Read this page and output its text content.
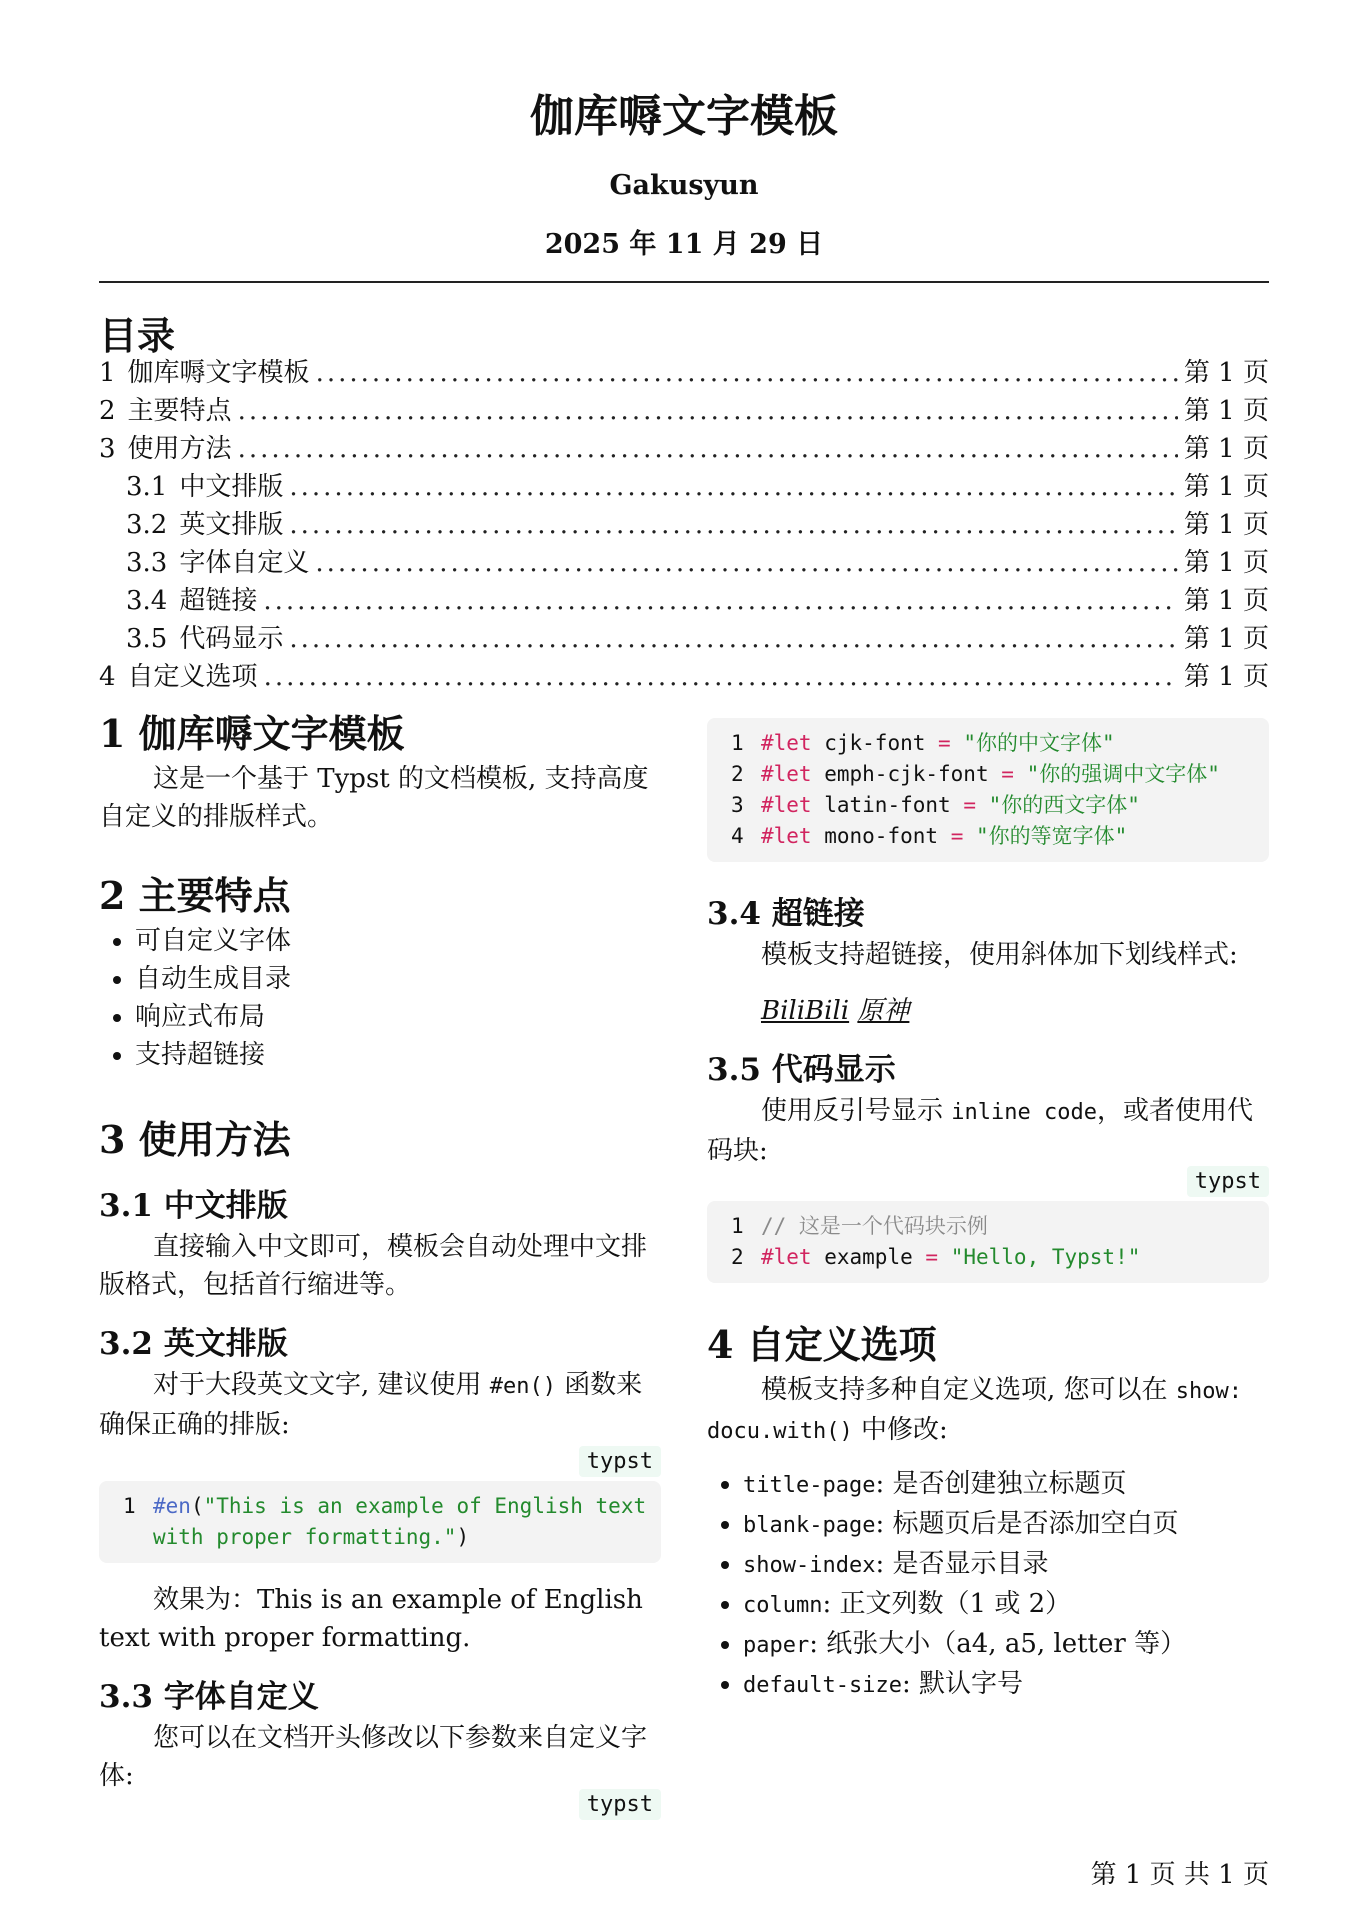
伽库嗕文字模板
Gakusyun
2025 年 11 月 29 日
目录
1 伽库嗕文字模板 .....	第 1 页
2 主要特点 .....	第 1 页
3 使用方法 .....	第 1 页
3.1 中文排版 .....	第 1 页
3.2 英文排版 .....	第 1 页
3.3 字体自定义 .....	第 1 页
3.4 超链接 .....	第 1 页
3.5 代码显示 .....	第 1 页
4 自定义选项 .....	第 1 页
1 伽库嗕文字模板

这是一个基于 Typst 的文档模板, 支持高度自定义的排版样式。

2 主要特点
• 可自定义字体
• 自动生成目录
• 响应式布局
• 支持超链接
3 使用方法
3.1 中文排版

直接输入中文即可，模板会自动处理中文排版格式，包括首行缩进等。

3.2 英文排版

对于大段英文文字, 建议使用 #en() 函数来确保正确的排版:

typst
1 #en("This is an example of English text with proper formatting.")

效果为：This is an example of English text with proper formatting.

3.3 字体自定义

您可以在文档开头修改以下参数来自定义字体:

typst
1 #let cjk-font = "你的中文字体"
2 #let emph-cjk-font = "你的强调中文字体"
3 #let latin-font = "你的西文字体"
4 #let mono-font = "你的等宽字体"
3.4 超链接

模板支持超链接，使用斜体加下划线样式:

BiliBili 原神

3.5 代码显示

使用反引号显示 inline code，或者使用代码块:

typst
1 // 这是一个代码块示例
2 #let example = "Hello, Typst!"
4 自定义选项

模板支持多种自定义选项, 您可以在 show: docu.with() 中修改:

• title-page: 是否创建独立标题页
• blank-page: 标题页后是否添加空白页
• show-index: 是否显示目录
• column: 正文列数（1 或 2）
• paper: 纸张大小（a4, a5, letter 等）
• default-size: 默认字号
第 1 页 共 1 页
